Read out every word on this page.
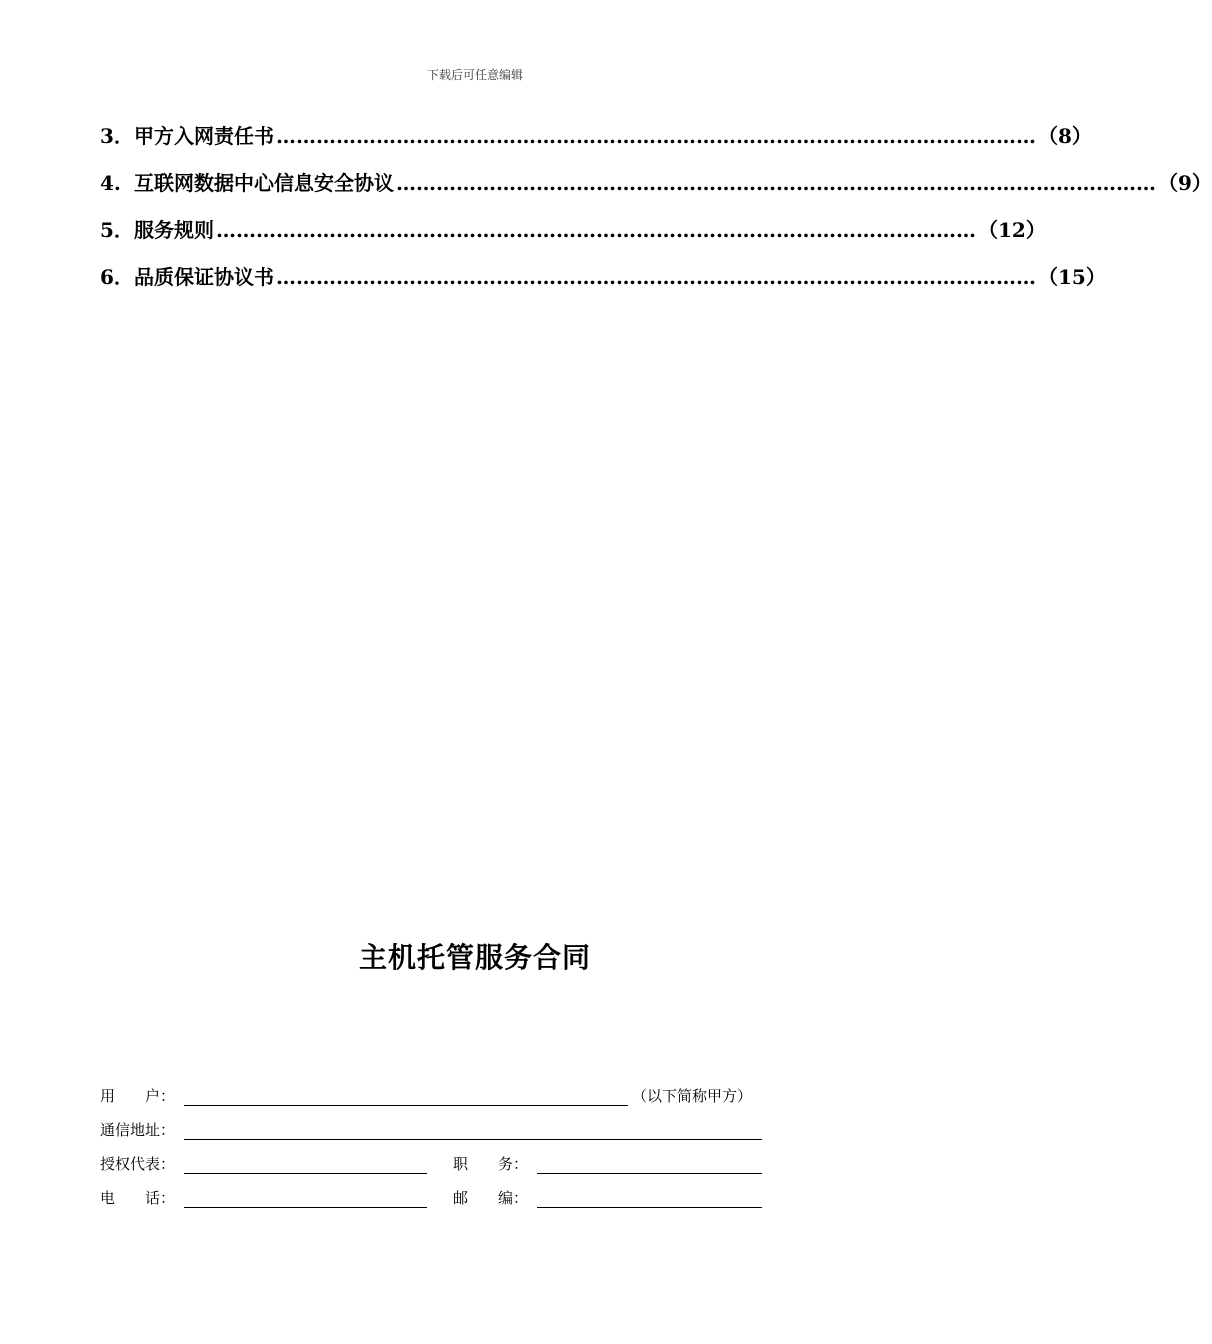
下载后可任意编辑
3． 甲方入网责任书 …………………………………………………………………………………………………… （8）
4. 互联网数据中心信息安全协议 …………………………………………………………………………………………………… （9）
5． 服务规则 …………………………………………………………………………………………………… （12）
6． 品质保证协议书 …………………………………………………………………………………………………… （15）
主机托管服务合同
用　　户：	（以下简称甲方）
通信地址：
授权代表：	职　　务：
电　　话：	邮　　编：
